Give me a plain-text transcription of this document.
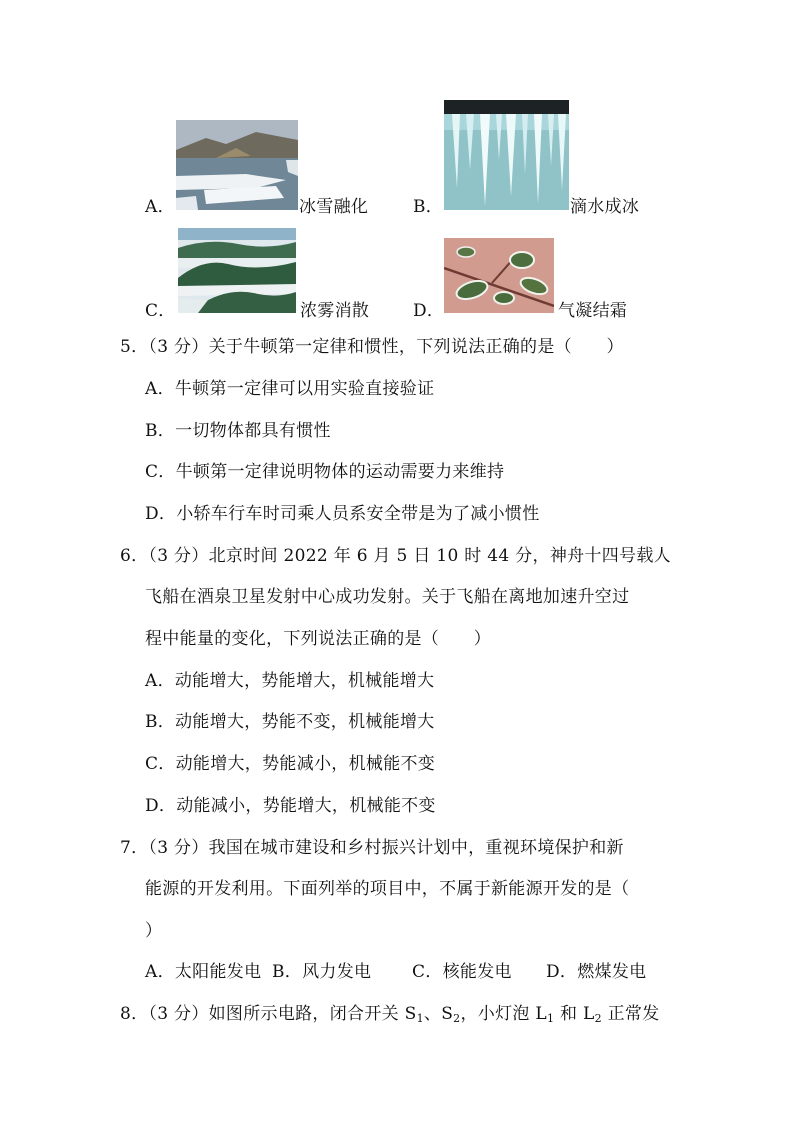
A．	冰雪融化	B．	滴水成冰
C．	浓雾消散	D．	气凝结霜
5．（3 分）关于牛顿第一定律和惯性，下列说法正确的是（　　）
A．牛顿第一定律可以用实验直接验证
B．一切物体都具有惯性
C．牛顿第一定律说明物体的运动需要力来维持
D．小轿车行车时司乘人员系安全带是为了减小惯性
6．（3 分）北京时间 2022 年 6 月 5 日 10 时 44 分，神舟十四号载人
飞船在酒泉卫星发射中心成功发射。关于飞船在离地加速升空过
程中能量的变化，下列说法正确的是（　　）
A．动能增大，势能增大，机械能增大
B．动能增大，势能不变，机械能增大
C．动能增大，势能减小，机械能不变
D．动能减小，势能增大，机械能不变
7．（3 分）我国在城市建设和乡村振兴计划中，重视环境保护和新
能源的开发利用。下面列举的项目中，不属于新能源开发的是（
）
A．太阳能发电 B．风力发电 C．核能发电 D．燃煤发电
8．（3 分）如图所示电路，闭合开关 $S_1$、$S_2$，小灯泡 $L_1$ 和 $L_2$ 正常发
